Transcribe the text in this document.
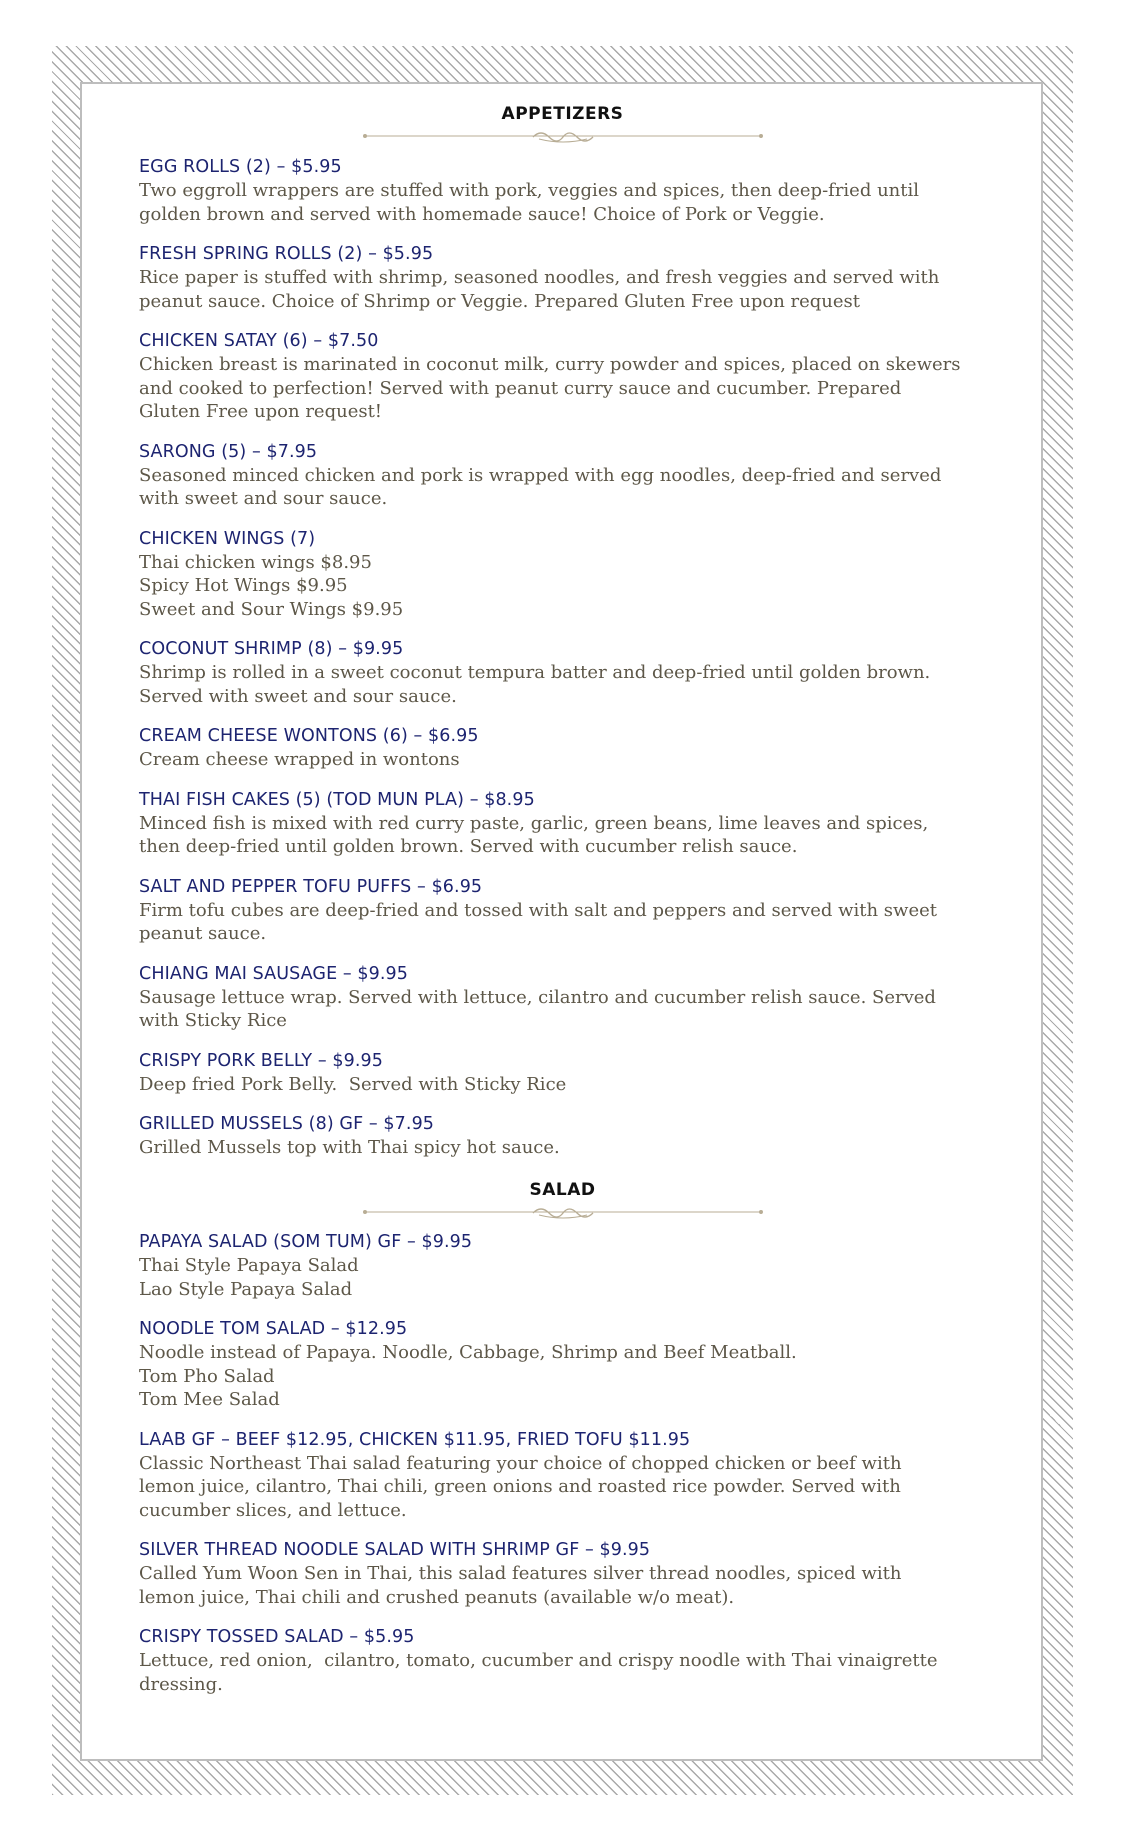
APPETIZERS
EGG ROLLS (2) – $5.95
Two eggroll wrappers are stuffed with pork, veggies and spices, then deep-fried until
golden brown and served with homemade sauce! Choice of Pork or Veggie.
FRESH SPRING ROLLS (2) – $5.95
Rice paper is stuffed with shrimp, seasoned noodles, and fresh veggies and served with
peanut sauce. Choice of Shrimp or Veggie. Prepared Gluten Free upon request
CHICKEN SATAY (6) – $7.50
Chicken breast is marinated in coconut milk, curry powder and spices, placed on skewers
and cooked to perfection! Served with peanut curry sauce and cucumber. Prepared
Gluten Free upon request!
SARONG (5) – $7.95
Seasoned minced chicken and pork is wrapped with egg noodles, deep-fried and served
with sweet and sour sauce.
CHICKEN WINGS (7)
Thai chicken wings $8.95
Spicy Hot Wings $9.95
Sweet and Sour Wings $9.95
COCONUT SHRIMP (8) – $9.95
Shrimp is rolled in a sweet coconut tempura batter and deep-fried until golden brown.
Served with sweet and sour sauce.
CREAM CHEESE WONTONS (6) – $6.95
Cream cheese wrapped in wontons
THAI FISH CAKES (5) (TOD MUN PLA) – $8.95
Minced fish is mixed with red curry paste, garlic, green beans, lime leaves and spices,
then deep-fried until golden brown. Served with cucumber relish sauce.
SALT AND PEPPER TOFU PUFFS – $6.95
Firm tofu cubes are deep-fried and tossed with salt and peppers and served with sweet
peanut sauce.
CHIANG MAI SAUSAGE – $9.95
Sausage lettuce wrap. Served with lettuce, cilantro and cucumber relish sauce. Served
with Sticky Rice
CRISPY PORK BELLY – $9.95
Deep fried Pork Belly.  Served with Sticky Rice
GRILLED MUSSELS (8) GF – $7.95
Grilled Mussels top with Thai spicy hot sauce.
SALAD
PAPAYA SALAD (SOM TUM) GF – $9.95
Thai Style Papaya Salad
Lao Style Papaya Salad
NOODLE TOM SALAD – $12.95
Noodle instead of Papaya. Noodle, Cabbage, Shrimp and Beef Meatball.
Tom Pho Salad
Tom Mee Salad
LAAB GF – BEEF $12.95, CHICKEN $11.95, FRIED TOFU $11.95
Classic Northeast Thai salad featuring your choice of chopped chicken or beef with
lemon juice, cilantro, Thai chili, green onions and roasted rice powder. Served with
cucumber slices, and lettuce.
SILVER THREAD NOODLE SALAD WITH SHRIMP GF – $9.95
Called Yum Woon Sen in Thai, this salad features silver thread noodles, spiced with
lemon juice, Thai chili and crushed peanuts (available w/o meat).
CRISPY TOSSED SALAD – $5.95
Lettuce, red onion,  cilantro, tomato, cucumber and crispy noodle with Thai vinaigrette
dressing.
